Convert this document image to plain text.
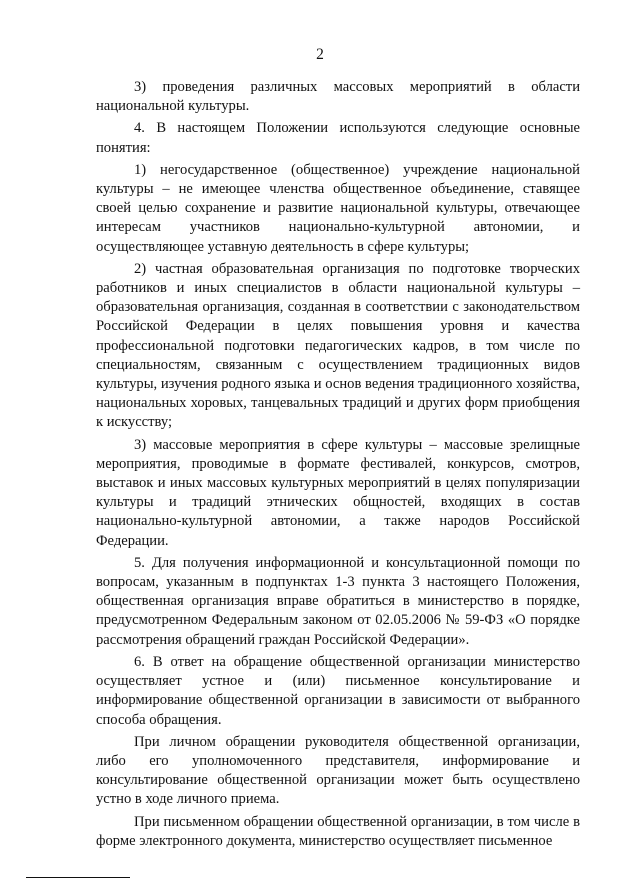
2

3) проведения различных массовых мероприятий в области национальной культуры.

4. В настоящем Положении используются следующие основные понятия:

1) негосударственное (общественное) учреждение национальной культуры – не имеющее членства общественное объединение, ставящее своей целью сохранение и развитие национальной культуры, отвечающее интересам участников национально-культурной автономии, и осуществляющее уставную деятельность в сфере культуры;

2) частная образовательная организация по подготовке творческих работников и иных специалистов в области национальной культуры – образовательная организация, созданная в соответствии с законодательством Российской Федерации в целях повышения уровня и качества профессиональной подготовки педагогических кадров, в том числе по специальностям, связанным с осуществлением традиционных видов культуры, изучения родного языка и основ ведения традиционного хозяйства, национальных хоровых, танцевальных традиций и других форм приобщения к искусству;

3) массовые мероприятия в сфере культуры – массовые зрелищные мероприятия, проводимые в формате фестивалей, конкурсов, смотров, выставок и иных массовых культурных мероприятий в целях популяризации культуры и традиций этнических общностей, входящих в состав национально-культурной автономии, а также народов Российской Федерации.

5. Для получения информационной и консультационной помощи по вопросам, указанным в подпунктах 1-3 пункта 3 настоящего Положения, общественная организация вправе обратиться в министерство в порядке, предусмотренном Федеральным законом от 02.05.2006 № 59-ФЗ «О порядке рассмотрения обращений граждан Российской Федерации».

6. В ответ на обращение общественной организации министерство осуществляет устное и (или) письменное консультирование и информирование общественной организации в зависимости от выбранного способа обращения.

При личном обращении руководителя общественной организации, либо его уполномоченного представителя, информирование и консультирование общественной организации может быть осуществлено устно в ходе личного приема.

При письменном обращении общественной организации, в том числе в форме электронного документа, министерство осуществляет письменное
